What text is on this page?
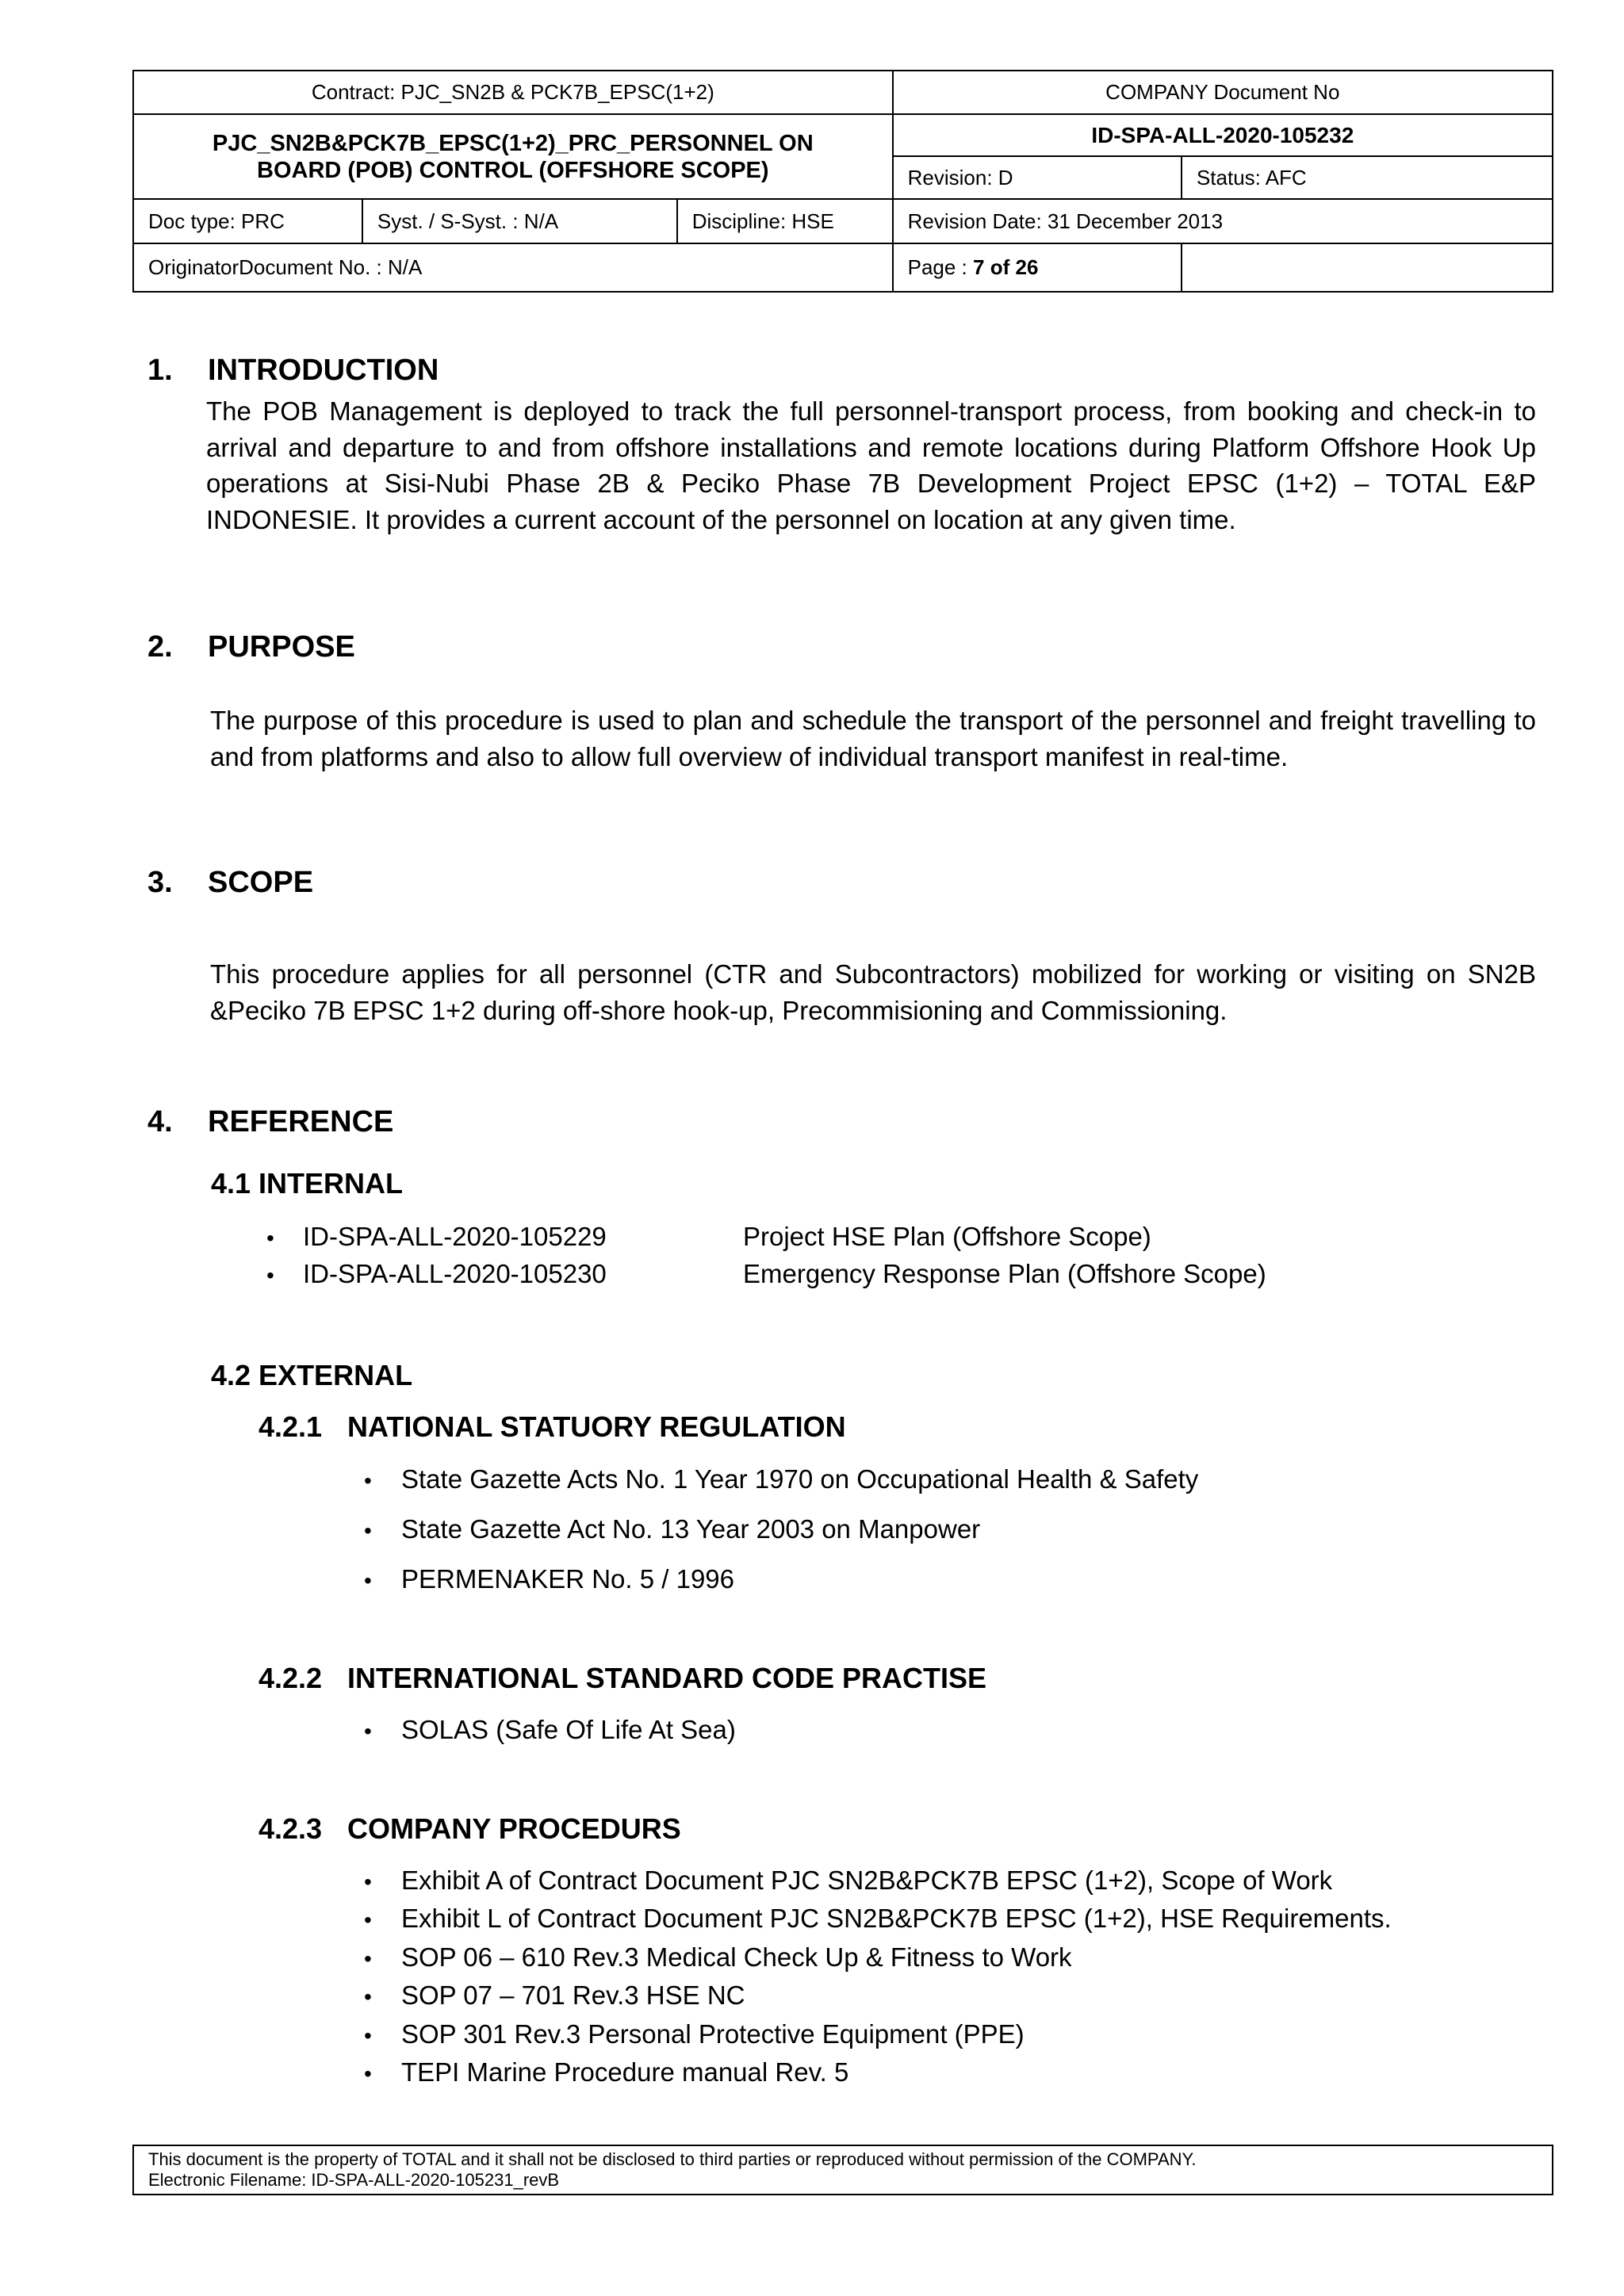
Contract: PJC_SN2B & PCK7B_EPSC(1+2)			COMPANY Document No	
PJC_SN2B&PCK7B_EPSC(1+2)_PRC_PERSONNEL ON BOARD (POB) CONTROL (OFFSHORE SCOPE)			ID-SPA-ALL-2020-105232	
			Revision: D	Status: AFC
Doc type: PRC	Syst. / S-Syst. : N/A	Discipline: HSE	Revision Date: 31 December 2013	
OriginatorDocument No. : N/A			Page : 7 of 26	
1. INTRODUCTION
The POB Management is deployed to track the full personnel-transport process, from booking and check-in to arrival and departure to and from offshore installations and remote locations during Platform Offshore Hook Up operations at Sisi-Nubi Phase 2B & Peciko Phase 7B Development Project EPSC (1+2) – TOTAL E&P INDONESIE. It provides a current account of the personnel on location at any given time.
2. PURPOSE
The purpose of this procedure is used to plan and schedule the transport of the personnel and freight travelling to and from platforms and also to allow full overview of individual transport manifest in real-time.
3. SCOPE
This procedure applies for all personnel (CTR and Subcontractors) mobilized for working or visiting on SN2B &Peciko 7B EPSC 1+2 during off-shore hook-up, Precommisioning and Commissioning.
4. REFERENCE
4.1 INTERNAL
• ID-SPA-ALL-2020-105229	Project HSE Plan (Offshore Scope)
• ID-SPA-ALL-2020-105230	Emergency Response Plan (Offshore Scope)
4.2 EXTERNAL
4.2.1 NATIONAL STATUORY REGULATION
• State Gazette Acts No. 1 Year 1970 on Occupational Health & Safety
• State Gazette Act No. 13 Year 2003 on Manpower
• PERMENAKER No. 5 / 1996
4.2.2 INTERNATIONAL STANDARD CODE PRACTISE
• SOLAS (Safe Of Life At Sea)
4.2.3 COMPANY PROCEDURS
• Exhibit A of Contract Document PJC SN2B&PCK7B EPSC (1+2), Scope of Work
• Exhibit L of Contract Document PJC SN2B&PCK7B EPSC (1+2), HSE Requirements.
• SOP 06 – 610 Rev.3 Medical Check Up & Fitness to Work
• SOP 07 – 701 Rev.3 HSE NC
• SOP 301 Rev.3 Personal Protective Equipment (PPE)
• TEPI Marine Procedure manual Rev. 5
This document is the property of TOTAL and it shall not be disclosed to third parties or reproduced without permission of the COMPANY.
Electronic Filename: ID-SPA-ALL-2020-105231_revB
